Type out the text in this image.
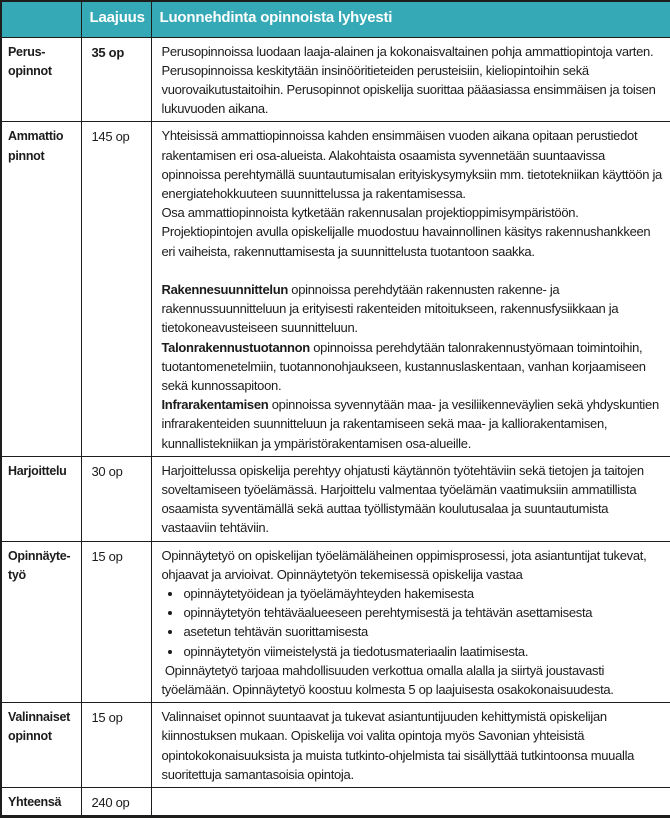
	Laajuus	Luonnehdinta opinnoista lyhyesti

Perus-
opinnot	35 op	Perusopinnoissa luodaan laaja-alainen ja kokonaisvaltainen pohja ammattiopintoja varten. Perusopinnoissa keskitytään insinööritieteiden perusteisiin, kieliopintoihin sekä vuorovaikutustaitoihin. Perusopinnot opiskelija suorittaa pääasiassa ensimmäisen ja toisen lukuvuoden aikana.

Ammattio
pinnot
	145 op	Yhteisissä ammattiopinnoissa kahden ensimmäisen vuoden aikana opitaan perustiedot rakentamisen eri osa-alueista. Alakohtaista osaamista syvennetään suuntaavissa opinnoissa perehtymällä suuntautumisalan erityiskysymyksiin mm. tietotekniikan käyttöön ja energiatehokkuuteen suunnittelussa ja rakentamisessa.

Osa ammattiopinnoista kytketään rakennusalan projektioppimisympäristöön. Projektiopintojen avulla opiskelijalle muodostuu havainnollinen käsitys rakennushankkeen eri vaiheista, rakennuttamisesta ja suunnittelusta tuotantoon saakka.

Rakennesuunnittelun opinnoissa perehdytään rakennusten rakenne- ja rakennussuunnitteluun ja erityisesti rakenteiden mitoitukseen, rakennusfysiikkaan ja tietokoneavusteiseen suunnitteluun.

Talonrakennustuotannon opinnoissa perehdytään talonrakennustyömaan toimintoihin, tuotantomenetelmiin, tuotannonohjaukseen, kustannuslaskentaan, vanhan korjaamiseen sekä kunnossapitoon.

Infrarakentamisen opinnoissa syvennytään maa- ja vesiliikenneväylien sekä yhdyskuntien infrarakenteiden suunnitteluun ja rakentamiseen sekä maa- ja kalliorakentamisen, kunnallistekniikan ja ympäristörakentamisen osa-alueille.

Harjoittelu	30 op	Harjoittelussa opiskelija perehtyy ohjatusti käytännön työtehtäviin sekä tietojen ja taitojen soveltamiseen työelämässä. Harjoittelu valmentaa työelämän vaatimuksiin ammatillista osaamista syventämällä sekä auttaa työllistymään koulutusalaa ja suuntautumista vastaaviin tehtäviin.

Opinnäyte-
työ
	15 op	Opinnäytetyö on opiskelijan työelämäläheinen oppimisprosessi, jota asiantuntijat tukevat, ohjaavat ja arvioivat. Opinnäytetyön tekemisessä opiskelija vastaa

• opinnäytetyöidean ja työelämäyhteyden hakemisesta
• opinnäytetyön tehtäväalueeseen perehtymisestä ja tehtävän asettamisesta
• asetetun tehtävän suorittamisesta
• opinnäytetyön viimeistelystä ja tiedotusmateriaalin laatimisesta.

Opinnäytetyö tarjoaa mahdollisuuden verkottua omalla alalla ja siirtyä joustavasti työelämään. Opinnäytetyö koostuu kolmesta 5 op laajuisesta osakokonaisuudesta.

Valinnaiset
opinnot	15 op	Valinnaiset opinnot suuntaavat ja tukevat asiantuntijuuden kehittymistä opiskelijan kiinnostuksen mukaan. Opiskelija voi valita opintoja myös Savonian yhteisistä opintokokonaisuuksista ja muista tutkinto-ohjelmista tai sisällyttää tutkintoonsa muualla suoritettuja samantasoisia opintoja.

Yhteensä	240 op	
